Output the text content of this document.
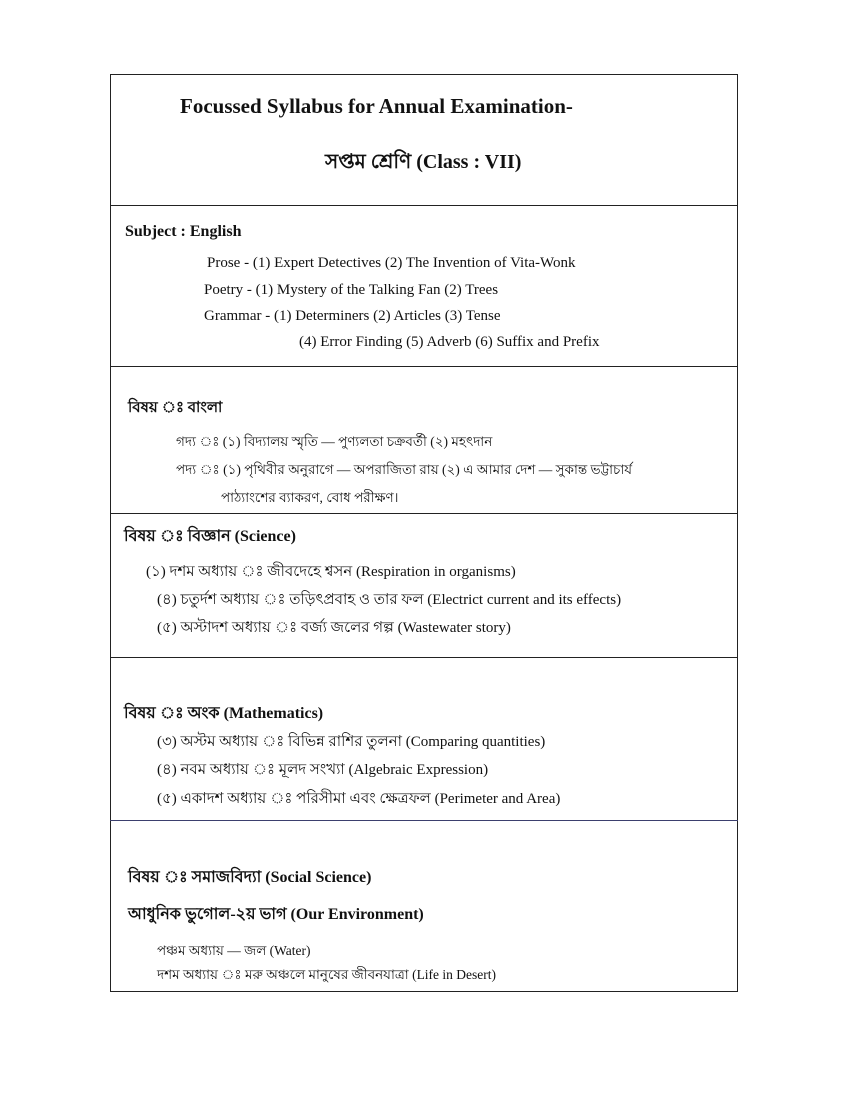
Focussed Syllabus for Annual Examination-
সপ্তম শ্রেণি (Class : VII)
Subject : English
Prose - (1) Expert Detectives (2) The Invention of Vita-Wonk
Poetry - (1) Mystery of the Talking Fan (2) Trees
Grammar - (1) Determiners (2) Articles (3) Tense
(4) Error Finding (5) Adverb (6) Suffix and Prefix
বিষয় ঃ বাংলা
গদ্য ঃ (১) বিদ্যালয় স্মৃতি — পুণ্যলতা চক্রবর্তী (২) মহৎদান
পদ্য ঃ (১) পৃথিবীর অনুরাগে — অপরাজিতা রায় (২) এ আমার দেশ — সুকান্ত ভট্টাচার্য
পাঠ্যাংশের ব্যাকরণ, বোধ পরীক্ষণ।
বিষয় ঃ বিজ্ঞান (Science)
(১) দশম অধ্যায় ঃ জীবদেহে শ্বসন (Respiration in organisms)
(৪) চতুর্দশ অধ্যায় ঃ তড়িৎপ্রবাহ ও তার ফল (Electrict current and its effects)
(৫) অস্টাদশ অধ্যায় ঃ বর্জ্য জলের গল্প (Wastewater story)
বিষয় ঃ অংক (Mathematics)
(৩) অস্টম অধ্যায় ঃ বিভিন্ন রাশির তুলনা (Comparing quantities)
(৪) নবম অধ্যায় ঃ মূলদ সংখ্যা (Algebraic Expression)
(৫) একাদশ অধ্যায় ঃ পরিসীমা এবং ক্ষেত্রফল (Perimeter and Area)
বিষয় ঃ সমাজবিদ্যা (Social Science)
আধুনিক ভুগোল-২য় ভাগ (Our Environment)
পঞ্চম অধ্যায় — জল (Water)
দশম অধ্যায় ঃ মরু অঞ্চলে মানুষের জীবনযাত্রা (Life in Desert)
